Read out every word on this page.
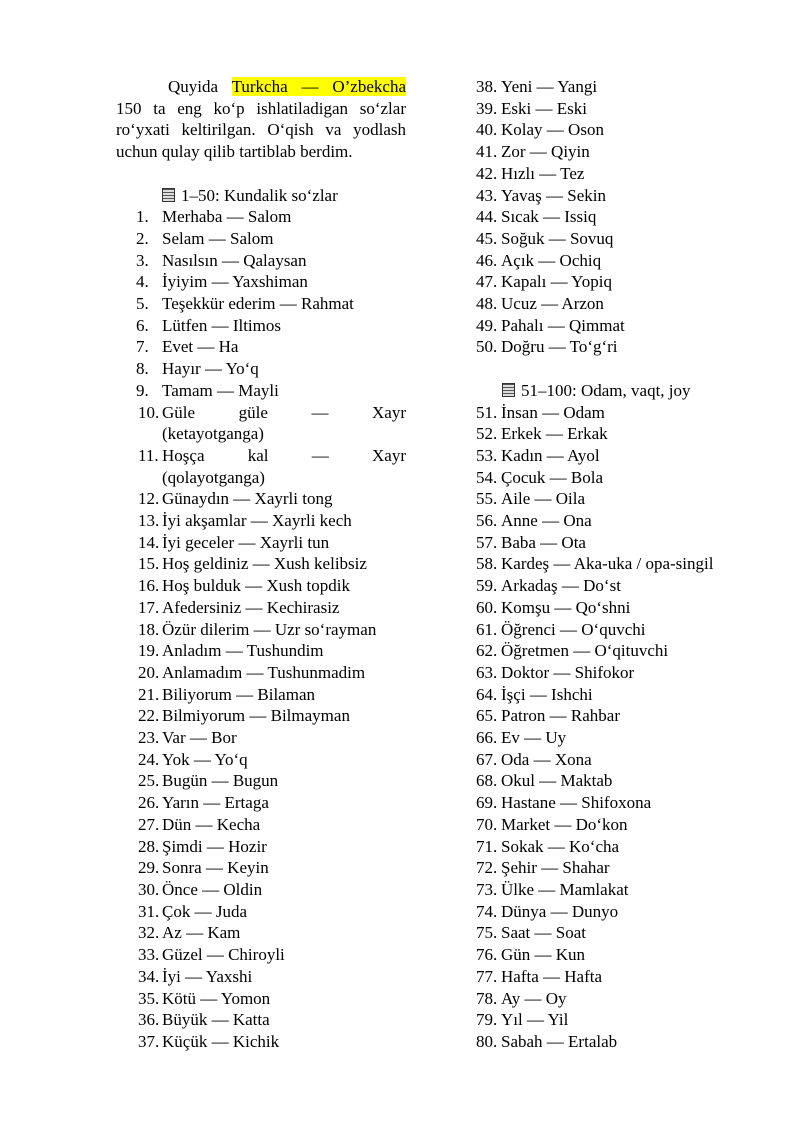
Quyida Turkcha — O’zbekcha 150 ta eng koʻp ishlatiladigan soʻzlar roʻyxati keltirilgan. Oʻqish va yodlash uchun qulay qilib tartiblab berdim.

1–50: Kundalik soʻzlar

1. Merhaba — Salom
2. Selam — Salom
3. Nasılsın — Qalaysan
4. İyiyim — Yaxshiman
5. Teşekkür ederim — Rahmat
6. Lütfen — Iltimos
7. Evet — Ha
8. Hayır — Yoʻq
9. Tamam — Mayli
10. Güle	güle	—	Xayr
(ketayotganga)
11. Hoşça	kal	—	Xayr
(qolayotganga)
12. Günaydın — Xayrli tong
13. İyi akşamlar — Xayrli kech
14. İyi geceler — Xayrli tun
15. Hoş geldiniz — Xush kelibsiz
16. Hoş bulduk — Xush topdik
17. Afedersiniz — Kechirasiz
18. Özür dilerim — Uzr soʻrayman
19. Anladım — Tushundim
20. Anlamadım — Tushunmadim
21. Biliyorum — Bilaman
22. Bilmiyorum — Bilmayman
23. Var — Bor
24. Yok — Yoʻq
25. Bugün — Bugun
26. Yarın — Ertaga
27. Dün — Kecha
28. Şimdi — Hozir
29. Sonra — Keyin
30. Önce — Oldin
31. Çok — Juda
32. Az — Kam
33. Güzel — Chiroyli
34. İyi — Yaxshi
35. Kötü — Yomon
36. Büyük — Katta
37. Küçük — Kichik
38. Yeni — Yangi
39. Eski — Eski
40. Kolay — Oson
41. Zor — Qiyin
42. Hızlı — Tez
43. Yavaş — Sekin
44. Sıcak — Issiq
45. Soğuk — Sovuq
46. Açık — Ochiq
47. Kapalı — Yopiq
48. Ucuz — Arzon
49. Pahalı — Qimmat
50. Doğru — Toʻgʻri

51–100: Odam, vaqt, joy

51. İnsan — Odam
52. Erkek — Erkak
53. Kadın — Ayol
54. Çocuk — Bola
55. Aile — Oila
56. Anne — Ona
57. Baba — Ota
58. Kardeş — Aka-uka / opa-singil
59. Arkadaş — Doʻst
60. Komşu — Qoʻshni
61. Öğrenci — Oʻquvchi
62. Öğretmen — Oʻqituvchi
63. Doktor — Shifokor
64. İşçi — Ishchi
65. Patron — Rahbar
66. Ev — Uy
67. Oda — Xona
68. Okul — Maktab
69. Hastane — Shifoxona
70. Market — Doʻkon
71. Sokak — Koʻcha
72. Şehir — Shahar
73. Ülke — Mamlakat
74. Dünya — Dunyo
75. Saat — Soat
76. Gün — Kun
77. Hafta — Hafta
78. Ay — Oy
79. Yıl — Yil
80. Sabah — Ertalab
